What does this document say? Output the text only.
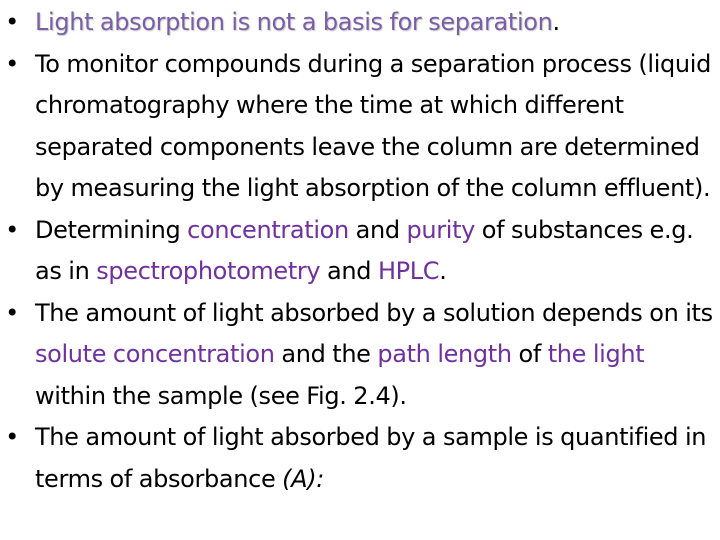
• Light absorption is not a basis for separation.
• To monitor compounds during a separation process (liquid chromatography where the time at which different separated components leave the column are determined by measuring the light absorption of the column effluent).
• Determining concentration and purity of substances e.g. as in spectrophotometry and HPLC.
• The amount of light absorbed by a solution depends on its solute concentration and the path length of the light within the sample (see Fig. 2.4).
• The amount of light absorbed by a sample is quantified in terms of absorbance (A):
